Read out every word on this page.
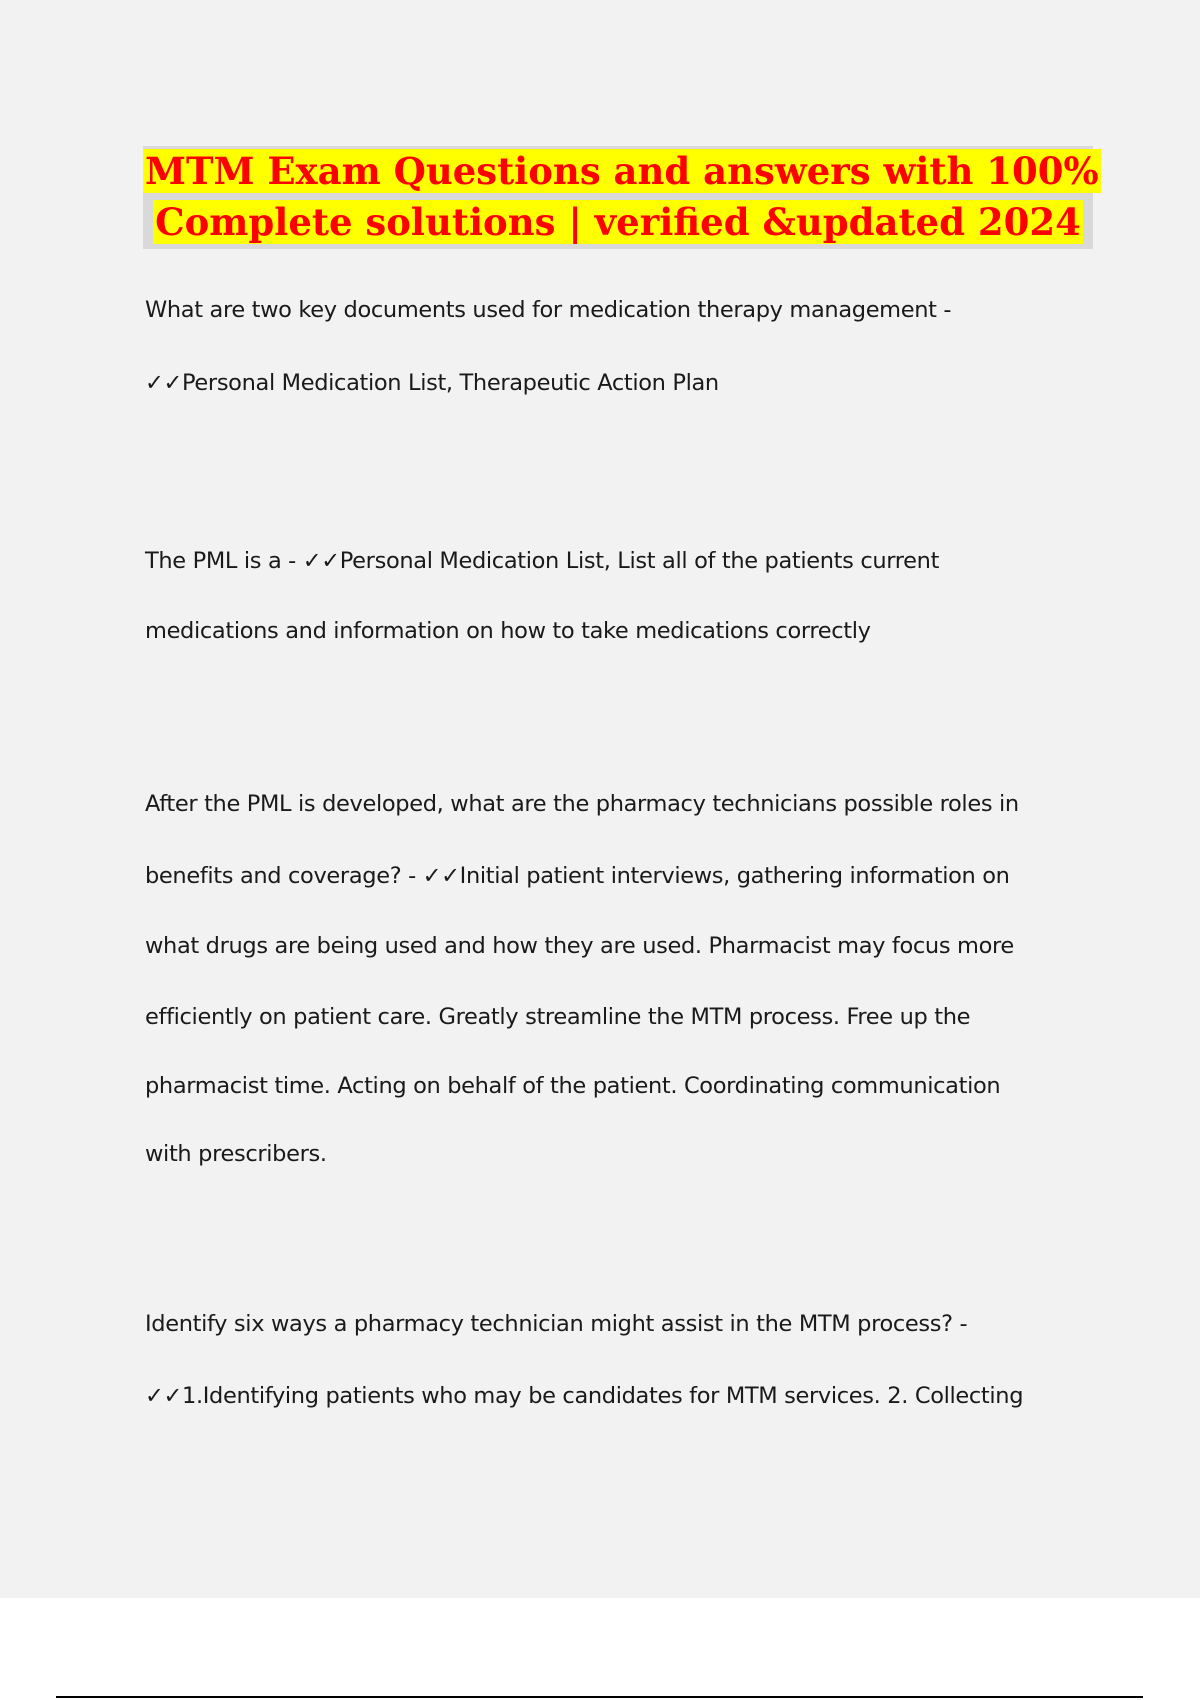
MTM Exam Questions and answers with 100%
Complete solutions | verified &updated 2024
What are two key documents used for medication therapy management -
✓✓Personal Medication List, Therapeutic Action Plan
The PML is a - ✓✓Personal Medication List, List all of the patients current
medications and information on how to take medications correctly
After the PML is developed, what are the pharmacy technicians possible roles in
benefits and coverage? - ✓✓Initial patient interviews, gathering information on
what drugs are being used and how they are used. Pharmacist may focus more
efficiently on patient care. Greatly streamline the MTM process. Free up the
pharmacist time. Acting on behalf of the patient. Coordinating communication
with prescribers.
Identify six ways a pharmacy technician might assist in the MTM process? -
✓✓1.Identifying patients who may be candidates for MTM services. 2. Collecting
